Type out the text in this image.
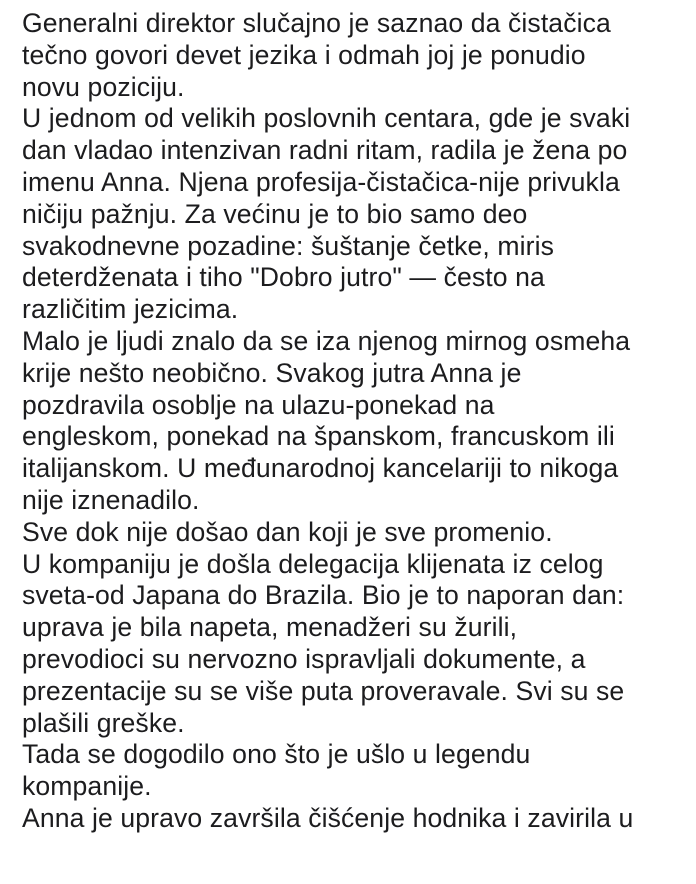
Generalni direktor slučajno je saznao da čistačica
tečno govori devet jezika i odmah joj je ponudio
novu poziciju.

U jednom od velikih poslovnih centara, gde je svaki
dan vladao intenzivan radni ritam, radila je žena po
imenu Anna. Njena profesija-čistačica-nije privukla
ničiju pažnju. Za većinu je to bio samo deo
svakodnevne pozadine: šuštanje četke, miris
deterdženata i tiho "Dobro jutro" — često na
različitim jezicima.

Malo je ljudi znalo da se iza njenog mirnog osmeha
krije nešto neobično. Svakog jutra Anna je
pozdravila osoblje na ulazu-ponekad na
engleskom, ponekad na španskom, francuskom ili
italijanskom. U međunarodnoj kancelariji to nikoga
nije iznenadilo.

Sve dok nije došao dan koji je sve promenio.

U kompaniju je došla delegacija klijenata iz celog
sveta-od Japana do Brazila. Bio je to naporan dan:
uprava je bila napeta, menadžeri su žurili,
prevodioci su nervozno ispravljali dokumente, a
prezentacije su se više puta proveravale. Svi su se
plašili greške.

Tada se dogodilo ono što je ušlo u legendu
kompanije.

Anna je upravo završila čišćenje hodnika i zavirila u
